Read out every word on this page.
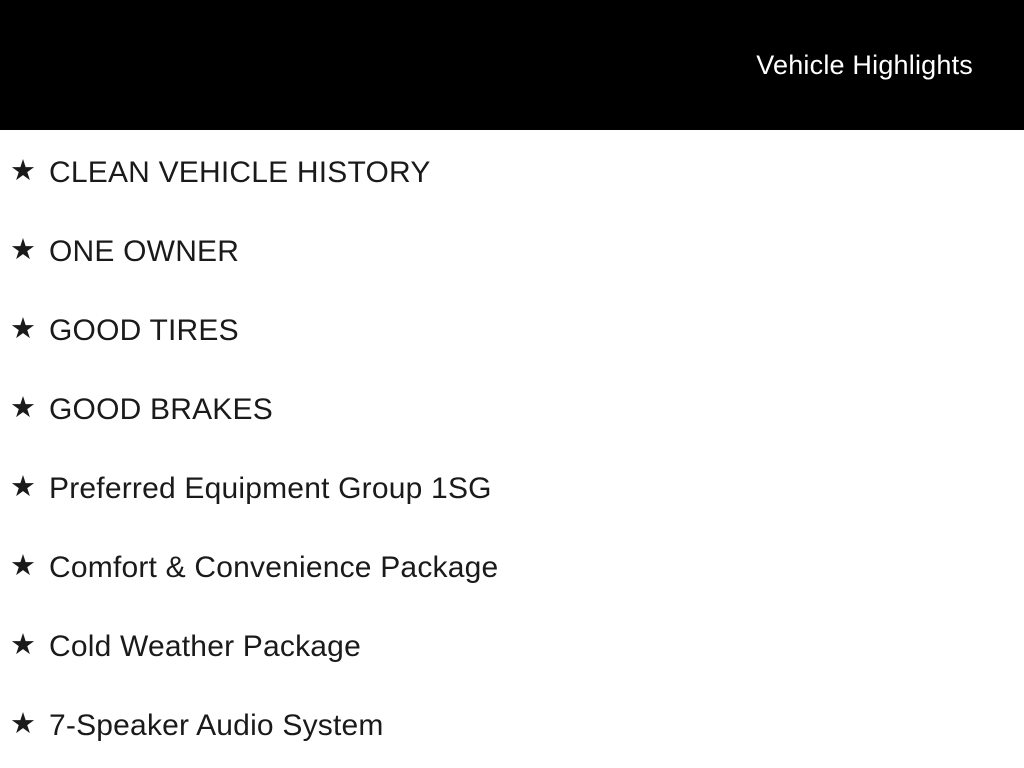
Vehicle Highlights
★ CLEAN VEHICLE HISTORY
★ ONE OWNER
★ GOOD TIRES
★ GOOD BRAKES
★ Preferred Equipment Group 1SG
★ Comfort & Convenience Package
★ Cold Weather Package
★ 7-Speaker Audio System
